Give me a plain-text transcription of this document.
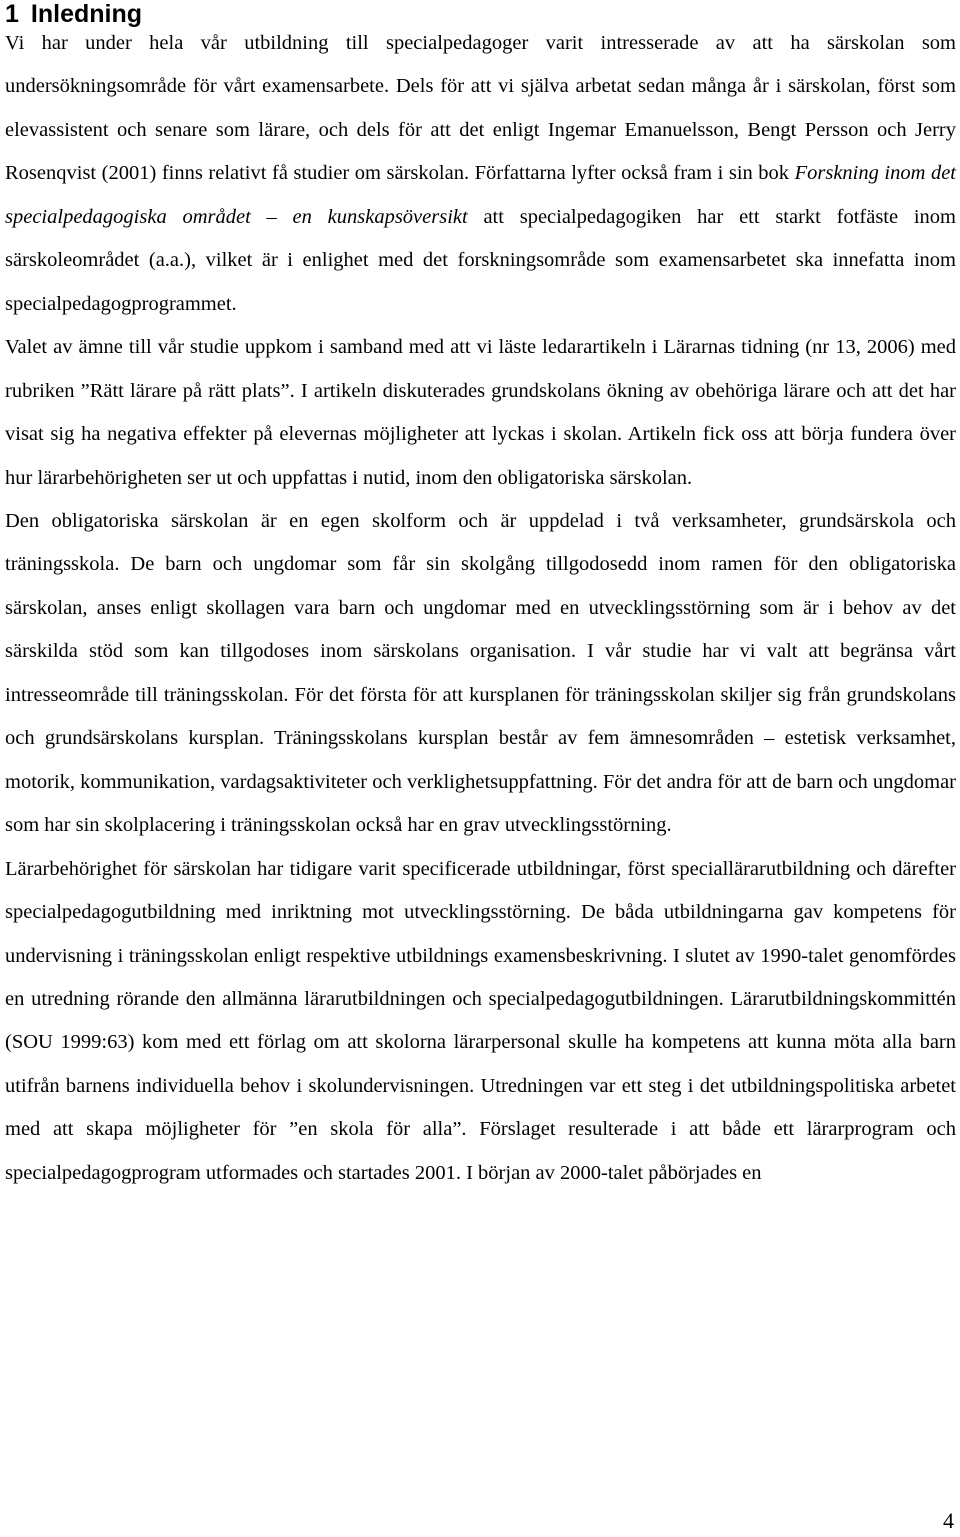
1 Inledning

Vi har under hela vår utbildning till specialpedagoger varit intresserade av att ha särskolan som undersökningsområde för vårt examensarbete. Dels för att vi själva arbetat sedan många år i särskolan, först som elevassistent och senare som lärare, och dels för att det enligt Ingemar Emanuelsson, Bengt Persson och Jerry Rosenqvist (2001) finns relativt få studier om särskolan. Författarna lyfter också fram i sin bok Forskning inom det specialpedagogiska området – en kunskapsöversikt att specialpedagogiken har ett starkt fotfäste inom särskoleområdet (a.a.), vilket är i enlighet med det forskningsområde som examensarbetet ska innefatta inom specialpedagogprogrammet.

Valet av ämne till vår studie uppkom i samband med att vi läste ledarartikeln i Lärarnas tidning (nr 13, 2006) med rubriken ”Rätt lärare på rätt plats”. I artikeln diskuterades grundskolans ökning av obehöriga lärare och att det har visat sig ha negativa effekter på elevernas möjligheter att lyckas i skolan. Artikeln fick oss att börja fundera över hur lärarbehörigheten ser ut och uppfattas i nutid, inom den obligatoriska särskolan.

Den obligatoriska särskolan är en egen skolform och är uppdelad i två verksamheter, grundsärskola och träningsskola. De barn och ungdomar som får sin skolgång tillgodosedd inom ramen för den obligatoriska särskolan, anses enligt skollagen vara barn och ungdomar med en utvecklingsstörning som är i behov av det särskilda stöd som kan tillgodoses inom särskolans organisation. I vår studie har vi valt att begränsa vårt intresseområde till träningsskolan. För det första för att kursplanen för träningsskolan skiljer sig från grundskolans och grundsärskolans kursplan. Träningsskolans kursplan består av fem ämnesområden – estetisk verksamhet, motorik, kommunikation, vardagsaktiviteter och verklighetsuppfattning. För det andra för att de barn och ungdomar som har sin skolplacering i träningsskolan också har en grav utvecklingsstörning.

Lärarbehörighet för särskolan har tidigare varit specificerade utbildningar, först speciallärarutbildning och därefter specialpedagogutbildning med inriktning mot utvecklingsstörning. De båda utbildningarna gav kompetens för undervisning i träningsskolan enligt respektive utbildnings examensbeskrivning. I slutet av 1990-talet genomfördes en utredning rörande den allmänna lärarutbildningen och specialpedagogutbildningen. Lärarutbildningskommittén (SOU 1999:63) kom med ett förlag om att skolorna lärarpersonal skulle ha kompetens att kunna möta alla barn utifrån barnens individuella behov i skolundervisningen. Utredningen var ett steg i det utbildningspolitiska arbetet med att skapa möjligheter för ”en skola för alla”. Förslaget resulterade i att både ett lärarprogram och specialpedagogprogram utformades och startades 2001. I början av 2000-talet påbörjades en

4
